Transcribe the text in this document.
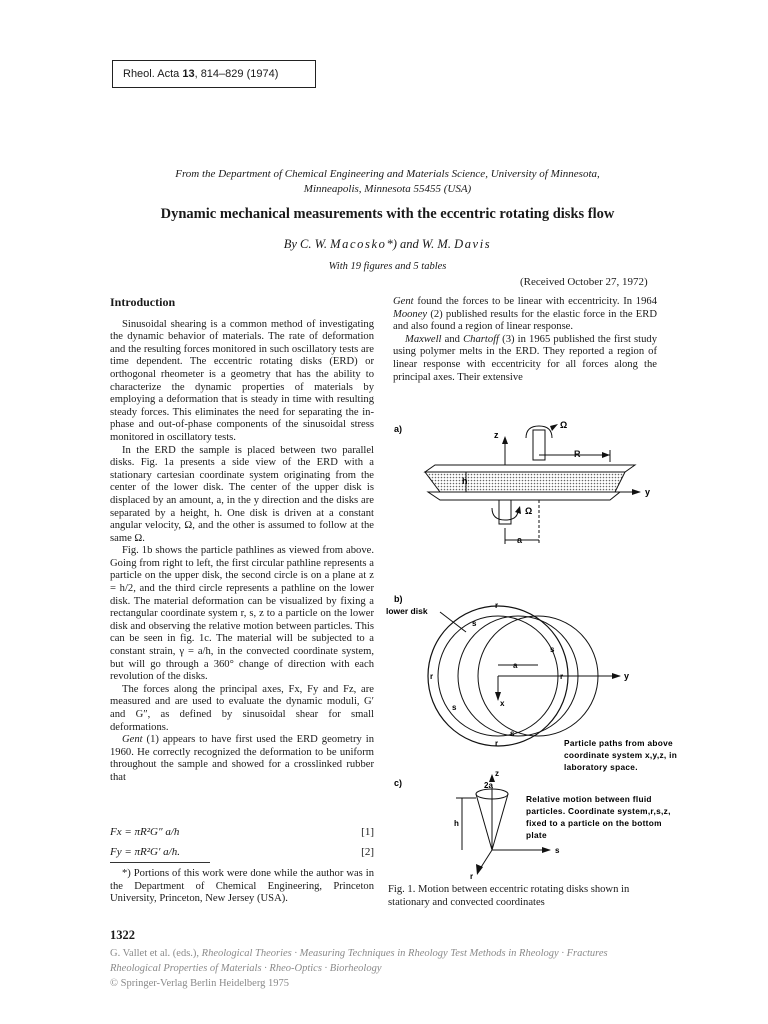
Rheol. Acta 13, 814–829 (1974)
From the Department of Chemical Engineering and Materials Science, University of Minnesota,
Minneapolis, Minnesota 55455 (USA)
Dynamic mechanical measurements with the eccentric rotating disks flow
By C. W. Macosko*) and W. M. Davis
With 19 figures and 5 tables
(Received October 27, 1972)
Introduction

Sinusoidal shearing is a common method of investigating the dynamic behavior of materials. The rate of deformation and the resulting forces monitored in such oscillatory tests are time dependent. The eccentric rotating disks (ERD) or orthogonal rheometer is a geometry that has the ability to characterize the dynamic properties of materials by employing a deformation that is steady in time with resulting steady forces. This eliminates the need for separating the in-phase and out-of-phase components of the sinusoidal stress monitored in oscillatory tests.

In the ERD the sample is placed between two parallel disks. Fig. 1a presents a side view of the ERD with a stationary cartesian coordinate system originating from the center of the lower disk. The center of the upper disk is displaced by an amount, a, in the y direction and the disks are separated by a height, h. One disk is driven at a constant angular velocity, Ω, and the other is assumed to follow at the same Ω.

Fig. 1b shows the particle pathlines as viewed from above. Going from right to left, the first circular pathline represents a particle on the upper disk, the second circle is on a plane at z = h/2, and the third circle represents a pathline on the lower disk. The material deformation can be visualized by fixing a rectangular coordinate system r, s, z to a particle on the lower disk and observing the relative motion between particles. This can be seen in fig. 1c. The material will be subjected to a constant strain, γ = a/h, in the convected coordinate system, but will go through a 360° change of direction with each revolution of the disks.

The forces along the principal axes, Fx, Fy and Fz, are measured and are used to evaluate the dynamic moduli, G′ and G″, as defined by sinusoidal shear for small deformations.

Gent (1) appears to have first used the ERD geometry in 1960. He correctly recognized the deformation to be uniform throughout the sample and showed for a crosslinked rubber that

Fx = πR²G″ a/h	[1]
Fy = πR²G′ a/h.	[2]
*) Portions of this work were done while the author was in the Department of Chemical Engineering, Princeton University, Princeton, New Jersey (USA).

Gent found the forces to be linear with eccentricity. In 1964 Mooney (2) published results for the elastic force in the ERD and also found a region of linear response.

Maxwell and Chartoff (3) in 1965 published the first study using polymer melts in the ERD. They reported a region of linear response with eccentricity for all forces along the principal axes. Their extensive

a)
z
Ω
R
h
y
Ω
a
b)
lower disk
y
x
a
r
r
r	r
s
s
s
s
Particle paths from above
coordinate system x,y,z, in
laboratory space.
c)
z
2a
h
s
r
Relative motion between fluid
particles. Coordinate system,r,s,z,
fixed to a particle on the bottom
plate
Fig. 1. Motion between eccentric rotating disks shown in stationary and convected coordinates
1322
G. Vallet et al. (eds.), Rheological Theories · Measuring Techniques in Rheology Test Methods in Rheology · Fractures
Rheological Properties of Materials · Rheo-Optics · Biorheology
© Springer-Verlag Berlin Heidelberg 1975
